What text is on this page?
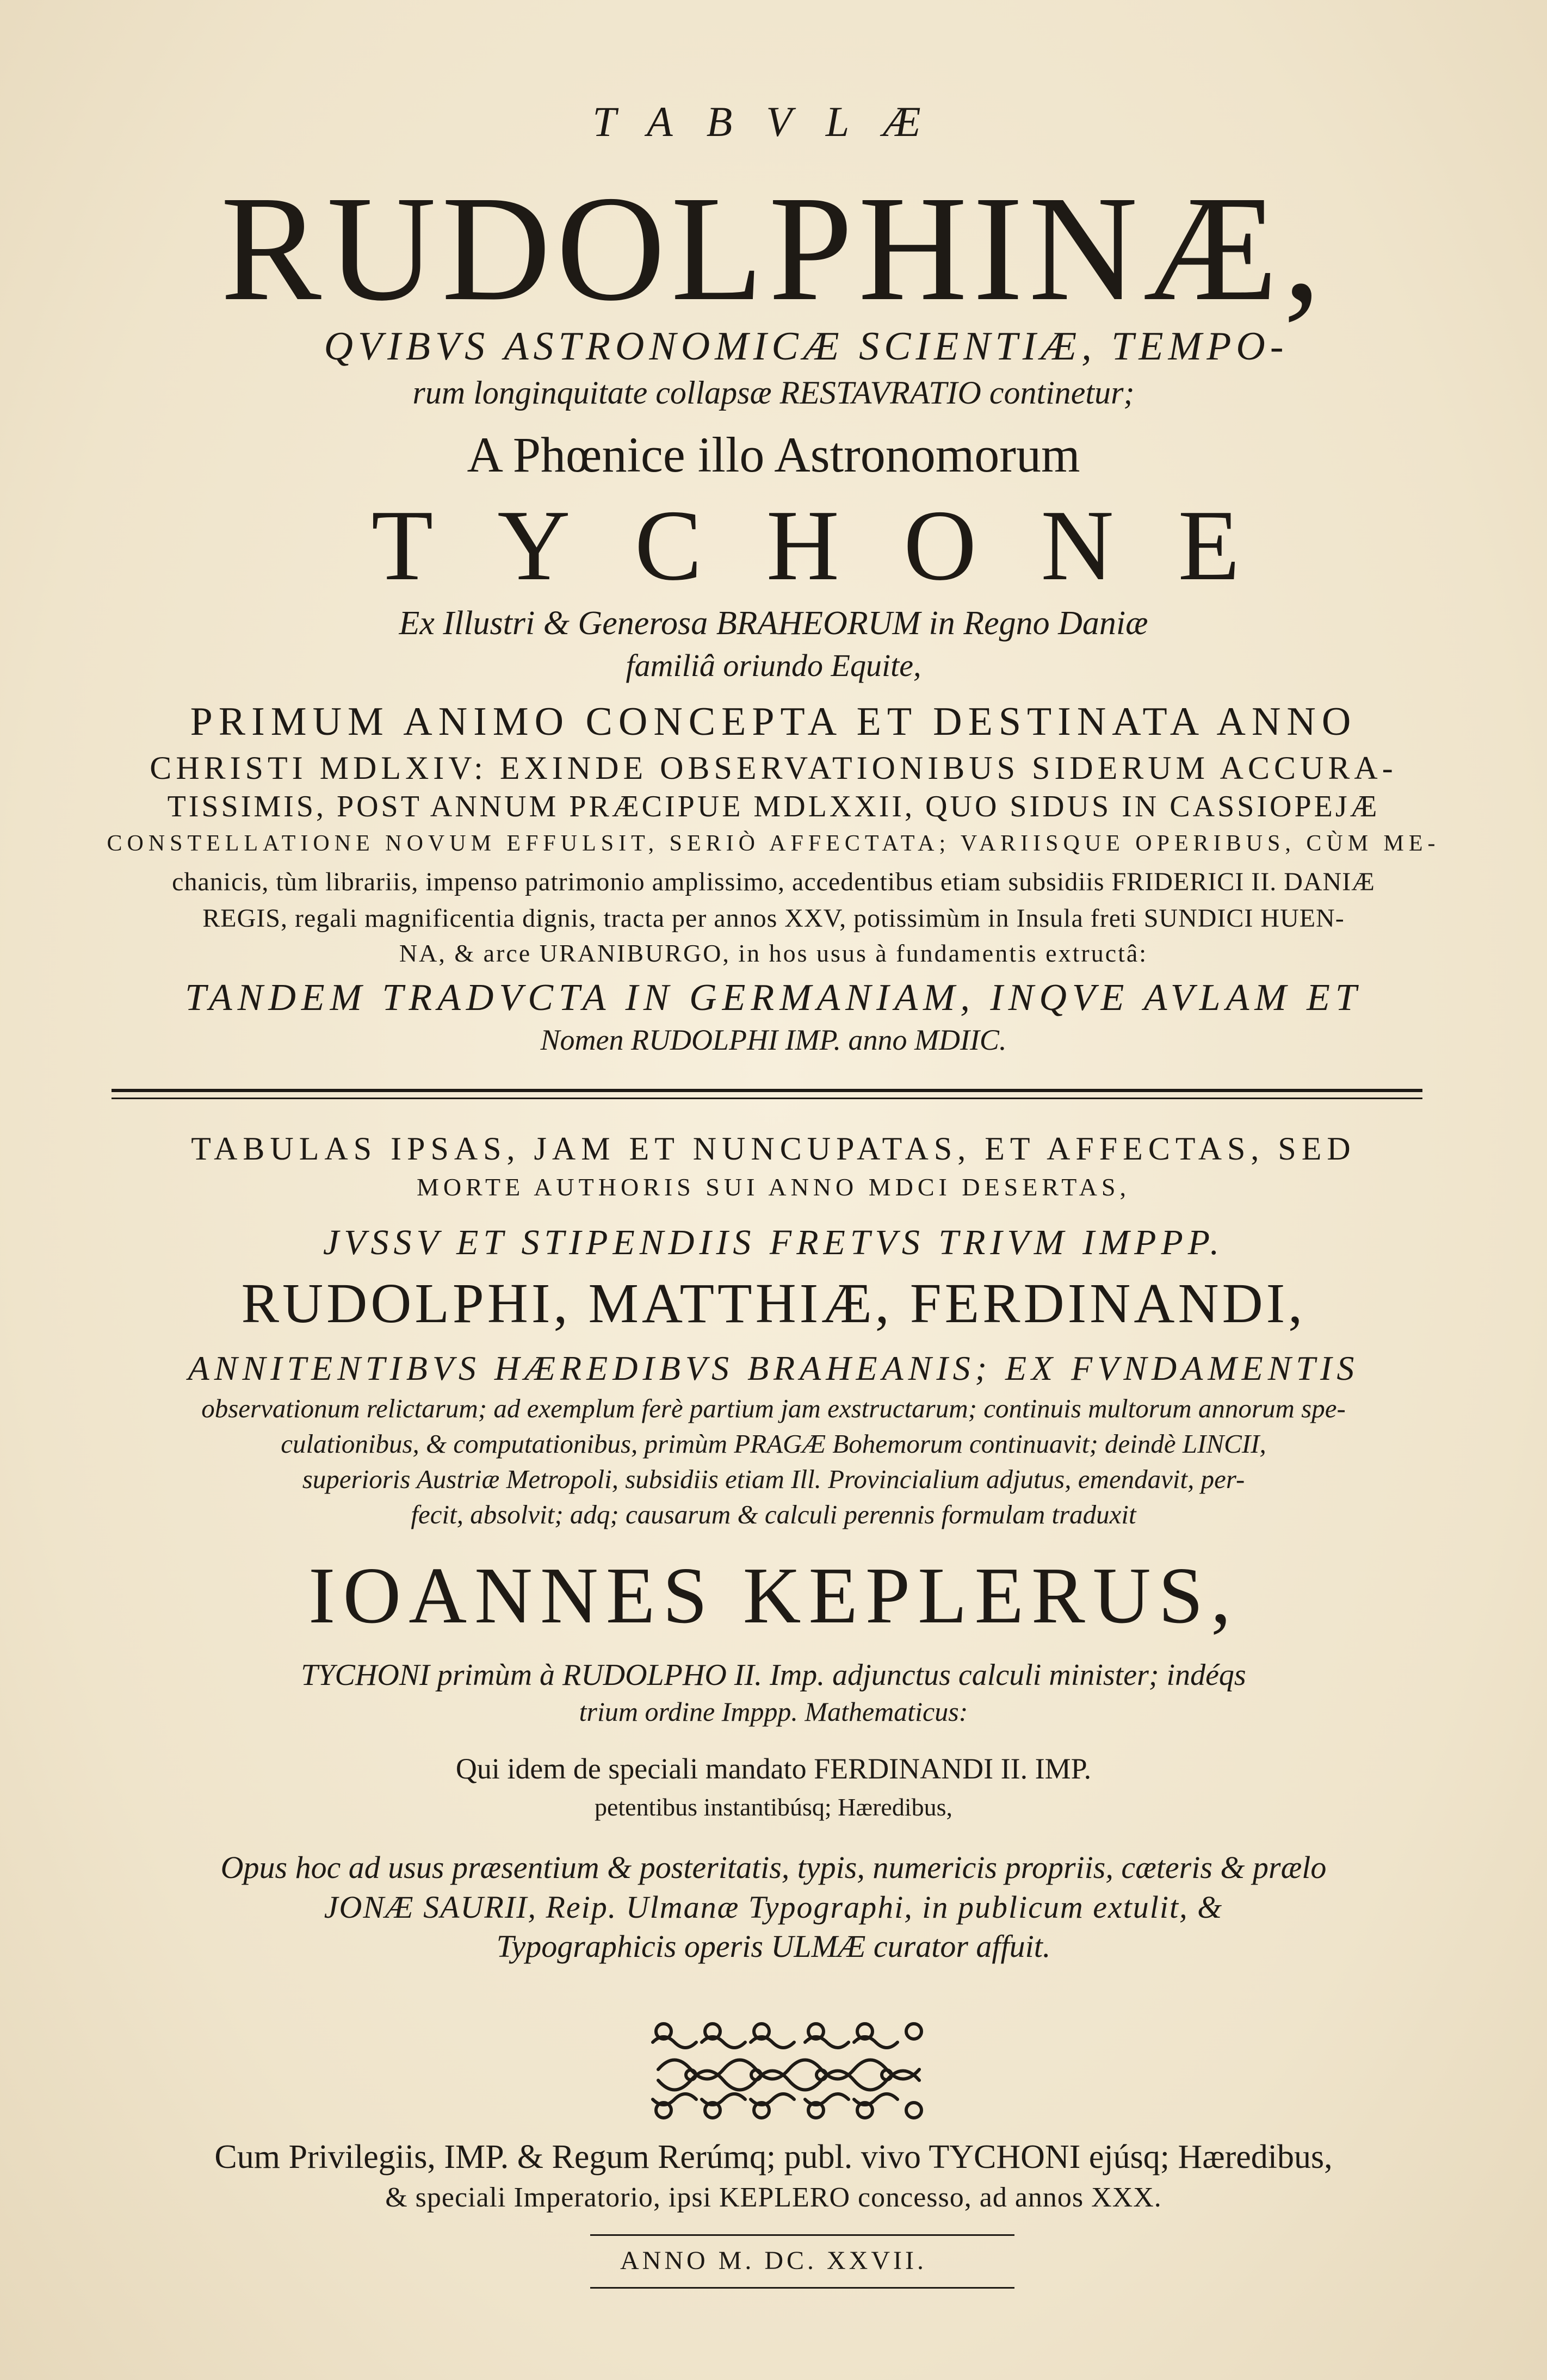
TABVLÆ
RUDOLPHINÆ,
QVIBVS ASTRONOMICÆ SCIENTIÆ, TEMPO-
rum longinquitate collapsæ RESTAVRATIO continetur;
A Phœnice illo Astronomorum
TYCHONE
Ex Illustri & Generosa BRAHEORUM in Regno Daniæ
familiâ oriundo Equite,
PRIMUM ANIMO CONCEPTA ET DESTINATA ANNO
CHRISTI MDLXIV: EXINDE OBSERVATIONIBUS SIDERUM ACCURA-
TISSIMIS, POST ANNUM PRÆCIPUE MDLXXII, QUO SIDUS IN CASSIOPEJÆ
CONSTELLATIONE NOVUM EFFULSIT, SERIÒ AFFECTATA; VARIISQUE OPERIBUS, CÙM ME-
chanicis, tùm librariis, impenso patrimonio amplissimo, accedentibus etiam subsidiis FRIDERICI II. DANIÆ
REGIS, regali magnificentia dignis, tracta per annos XXV, potissimùm in Insula freti SUNDICI HUEN-
NA, & arce URANIBURGO, in hos usus à fundamentis extructâ:
TANDEM TRADVCTA IN GERMANIAM, INQVE AVLAM ET
Nomen RUDOLPHI IMP. anno MDIIC.
TABULAS IPSAS, JAM ET NUNCUPATAS, ET AFFECTAS, SED
MORTE AUTHORIS SUI ANNO MDCI DESERTAS,
JVSSV ET STIPENDIIS FRETVS TRIVM IMPPP.
RUDOLPHI, MATTHIÆ, FERDINANDI,
ANNITENTIBVS HÆREDIBVS BRAHEANIS; EX FVNDAMENTIS
observationum relictarum; ad exemplum ferè partium jam exstructarum; continuis multorum annorum spe-
culationibus, & computationibus, primùm PRAGÆ Bohemorum continuavit; deindè LINCII,
superioris Austriæ Metropoli, subsidiis etiam Ill. Provincialium adjutus, emendavit, per-
fecit, absolvit; adq; causarum & calculi perennis formulam traduxit
IOANNES KEPLERUS,
TYCHONI primùm à RUDOLPHO II. Imp. adjunctus calculi minister; indéqs
trium ordine Imppp. Mathematicus:
Qui idem de speciali mandato FERDINANDI II. IMP.
petentibus instantibúsq; Hæredibus,
Opus hoc ad usus præsentium & posteritatis, typis, numericis propriis, cæteris & prælo
JONÆ SAURII, Reip. Ulmanæ Typographi, in publicum extulit, &
Typographicis operis ULMÆ curator affuit.
Cum Privilegiis, IMP. & Regum Rerúmq; publ. vivo TYCHONI ejúsq; Hæredibus,
& speciali Imperatorio, ipsi KEPLERO concesso, ad annos XXX.
ANNO M. DC. XXVII.
